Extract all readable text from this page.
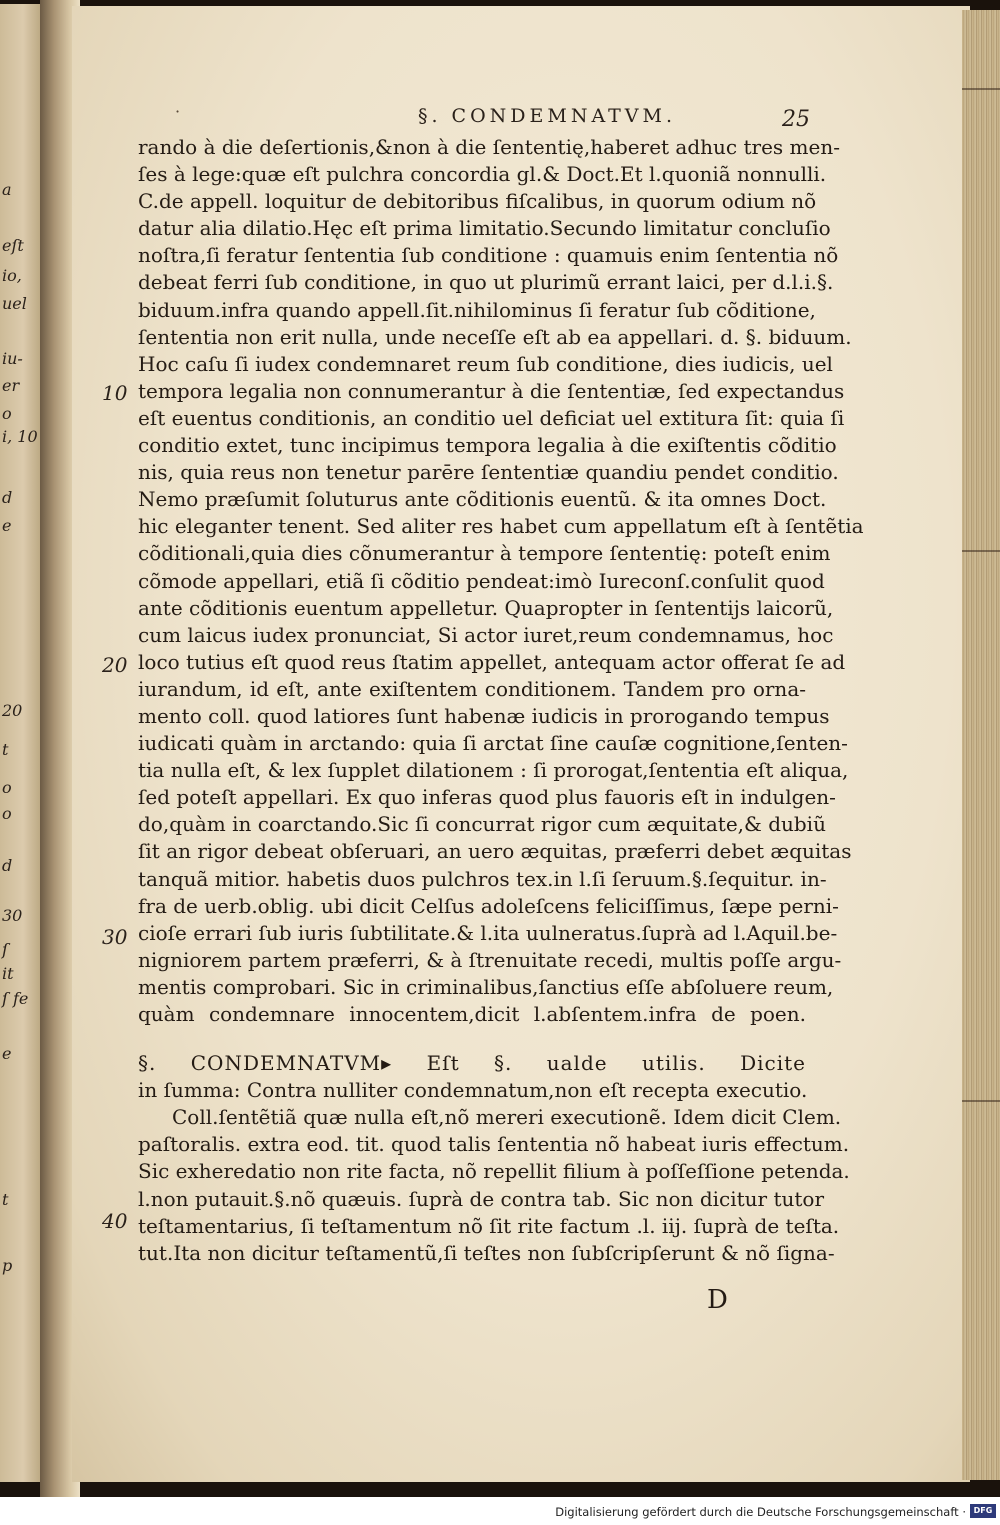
a
eſt
io,
uel
iu-
er
o
i, 10
d
e
20
t
o
o
d
30
ſ
it
ſ fe
e
t
p
·	§. CONDEMNATVM.	25
10
20
30
40
rando à die deſertionis,&non à die ſententię,haberet adhuc tres men-
ſes à lege:quæ eſt pulchra concordia gl.& Doct.Et l.quoniã nonnulli.
C.de appell. loquitur de debitoribus fiſcalibus, in quorum odium nõ
datur alia dilatio.Hęc eſt prima limitatio.Secundo limitatur concluſio
noſtra,ſi feratur ſententia ſub conditione : quamuis enim ſententia nõ
debeat ferri ſub conditione, in quo ut plurimũ errant laici, per d.l.i.§.
biduum.infra quando appell.ſit.nihilominus ſi feratur ſub cõditione,
ſententia non erit nulla, unde neceſſe eſt ab ea appellari. d. §. biduum.
Hoc caſu ſi iudex condemnaret reum ſub conditione, dies iudicis, uel
tempora legalia non connumerantur à die ſententiæ, ſed expectandus
eſt euentus conditionis, an conditio uel deficiat uel extitura ſit: quia ſi
conditio extet, tunc incipimus tempora legalia à die exiſtentis cõditio
nis, quia reus non tenetur parēre ſententiæ quandiu pendet conditio.
Nemo præſumit ſoluturus ante cõditionis euentũ. & ita omnes Doct.
hic eleganter tenent. Sed aliter res habet cum appellatum eſt à ſentẽtia
cõditionali,quia dies cõnumerantur à tempore ſententię: poteſt enim
cõmode appellari, etiã ſi cõditio pendeat:imò Iureconſ.conſulit quod
ante cõditionis euentum appelletur. Quapropter in ſententijs laicorũ,
cum laicus iudex pronunciat, Si actor iuret,reum condemnamus, hoc
loco tutius eſt quod reus ſtatim appellet, antequam actor offerat ſe ad
iurandum, id eſt, ante exiſtentem conditionem. Tandem pro orna-
mento coll. quod latiores ſunt habenæ iudicis in prorogando tempus
iudicati quàm in arctando: quia ſi arctat ſine cauſæ cognitione,ſenten-
tia nulla eſt, & lex ſupplet dilationem : ſi prorogat,ſententia eſt aliqua,
ſed poteſt appellari. Ex quo inferas quod plus fauoris eſt in indulgen-
do,quàm in coarctando.Sic ſi concurrat rigor cum æquitate,& dubiũ
ſit an rigor debeat obſeruari, an uero æquitas, præferri debet æquitas
tanquã mitior. habetis duos pulchros tex.in l.ſi ſeruum.§.ſequitur. in-
fra de uerb.oblig. ubi dicit Celſus adoleſcens feliciſſimus, ſæpe perni-
cioſe errari ſub iuris ſubtilitate.& l.ita uulneratus.ſuprà ad l.Aquil.be-
nigniorem partem præferri, & à ſtrenuitate recedi, multis poſſe argu-
mentis comprobari. Sic in criminalibus,ſanctius eſſe abſoluere reum,
quàm condemnare innocentem,dicit l.abſentem.infra de poen.
§. CONDEMNATVM▸ Eſt §. ualde utilis. Dicite
in ſumma: Contra nulliter condemnatum,non eſt recepta executio.
Coll.ſentẽtiã quæ nulla eſt,nõ mereri executionẽ. Idem dicit Clem.
paſtoralis. extra eod. tit. quod talis ſententia nõ habeat iuris effectum.
Sic exheredatio non rite facta, nõ repellit filium à poſſeſſione petenda.
l.non putauit.§.nõ quæuis. ſuprà de contra tab. Sic non dicitur tutor
teſtamentarius, ſi teſtamentum nõ ſit rite factum .l. iij. ſuprà de teſta.
tut.Ita non dicitur teſtamentũ,ſi teſtes non ſubſcripſerunt & nõ ſigna-
D
Digitalisierung gefördert durch die Deutsche Forschungsgemeinschaft · DFG
